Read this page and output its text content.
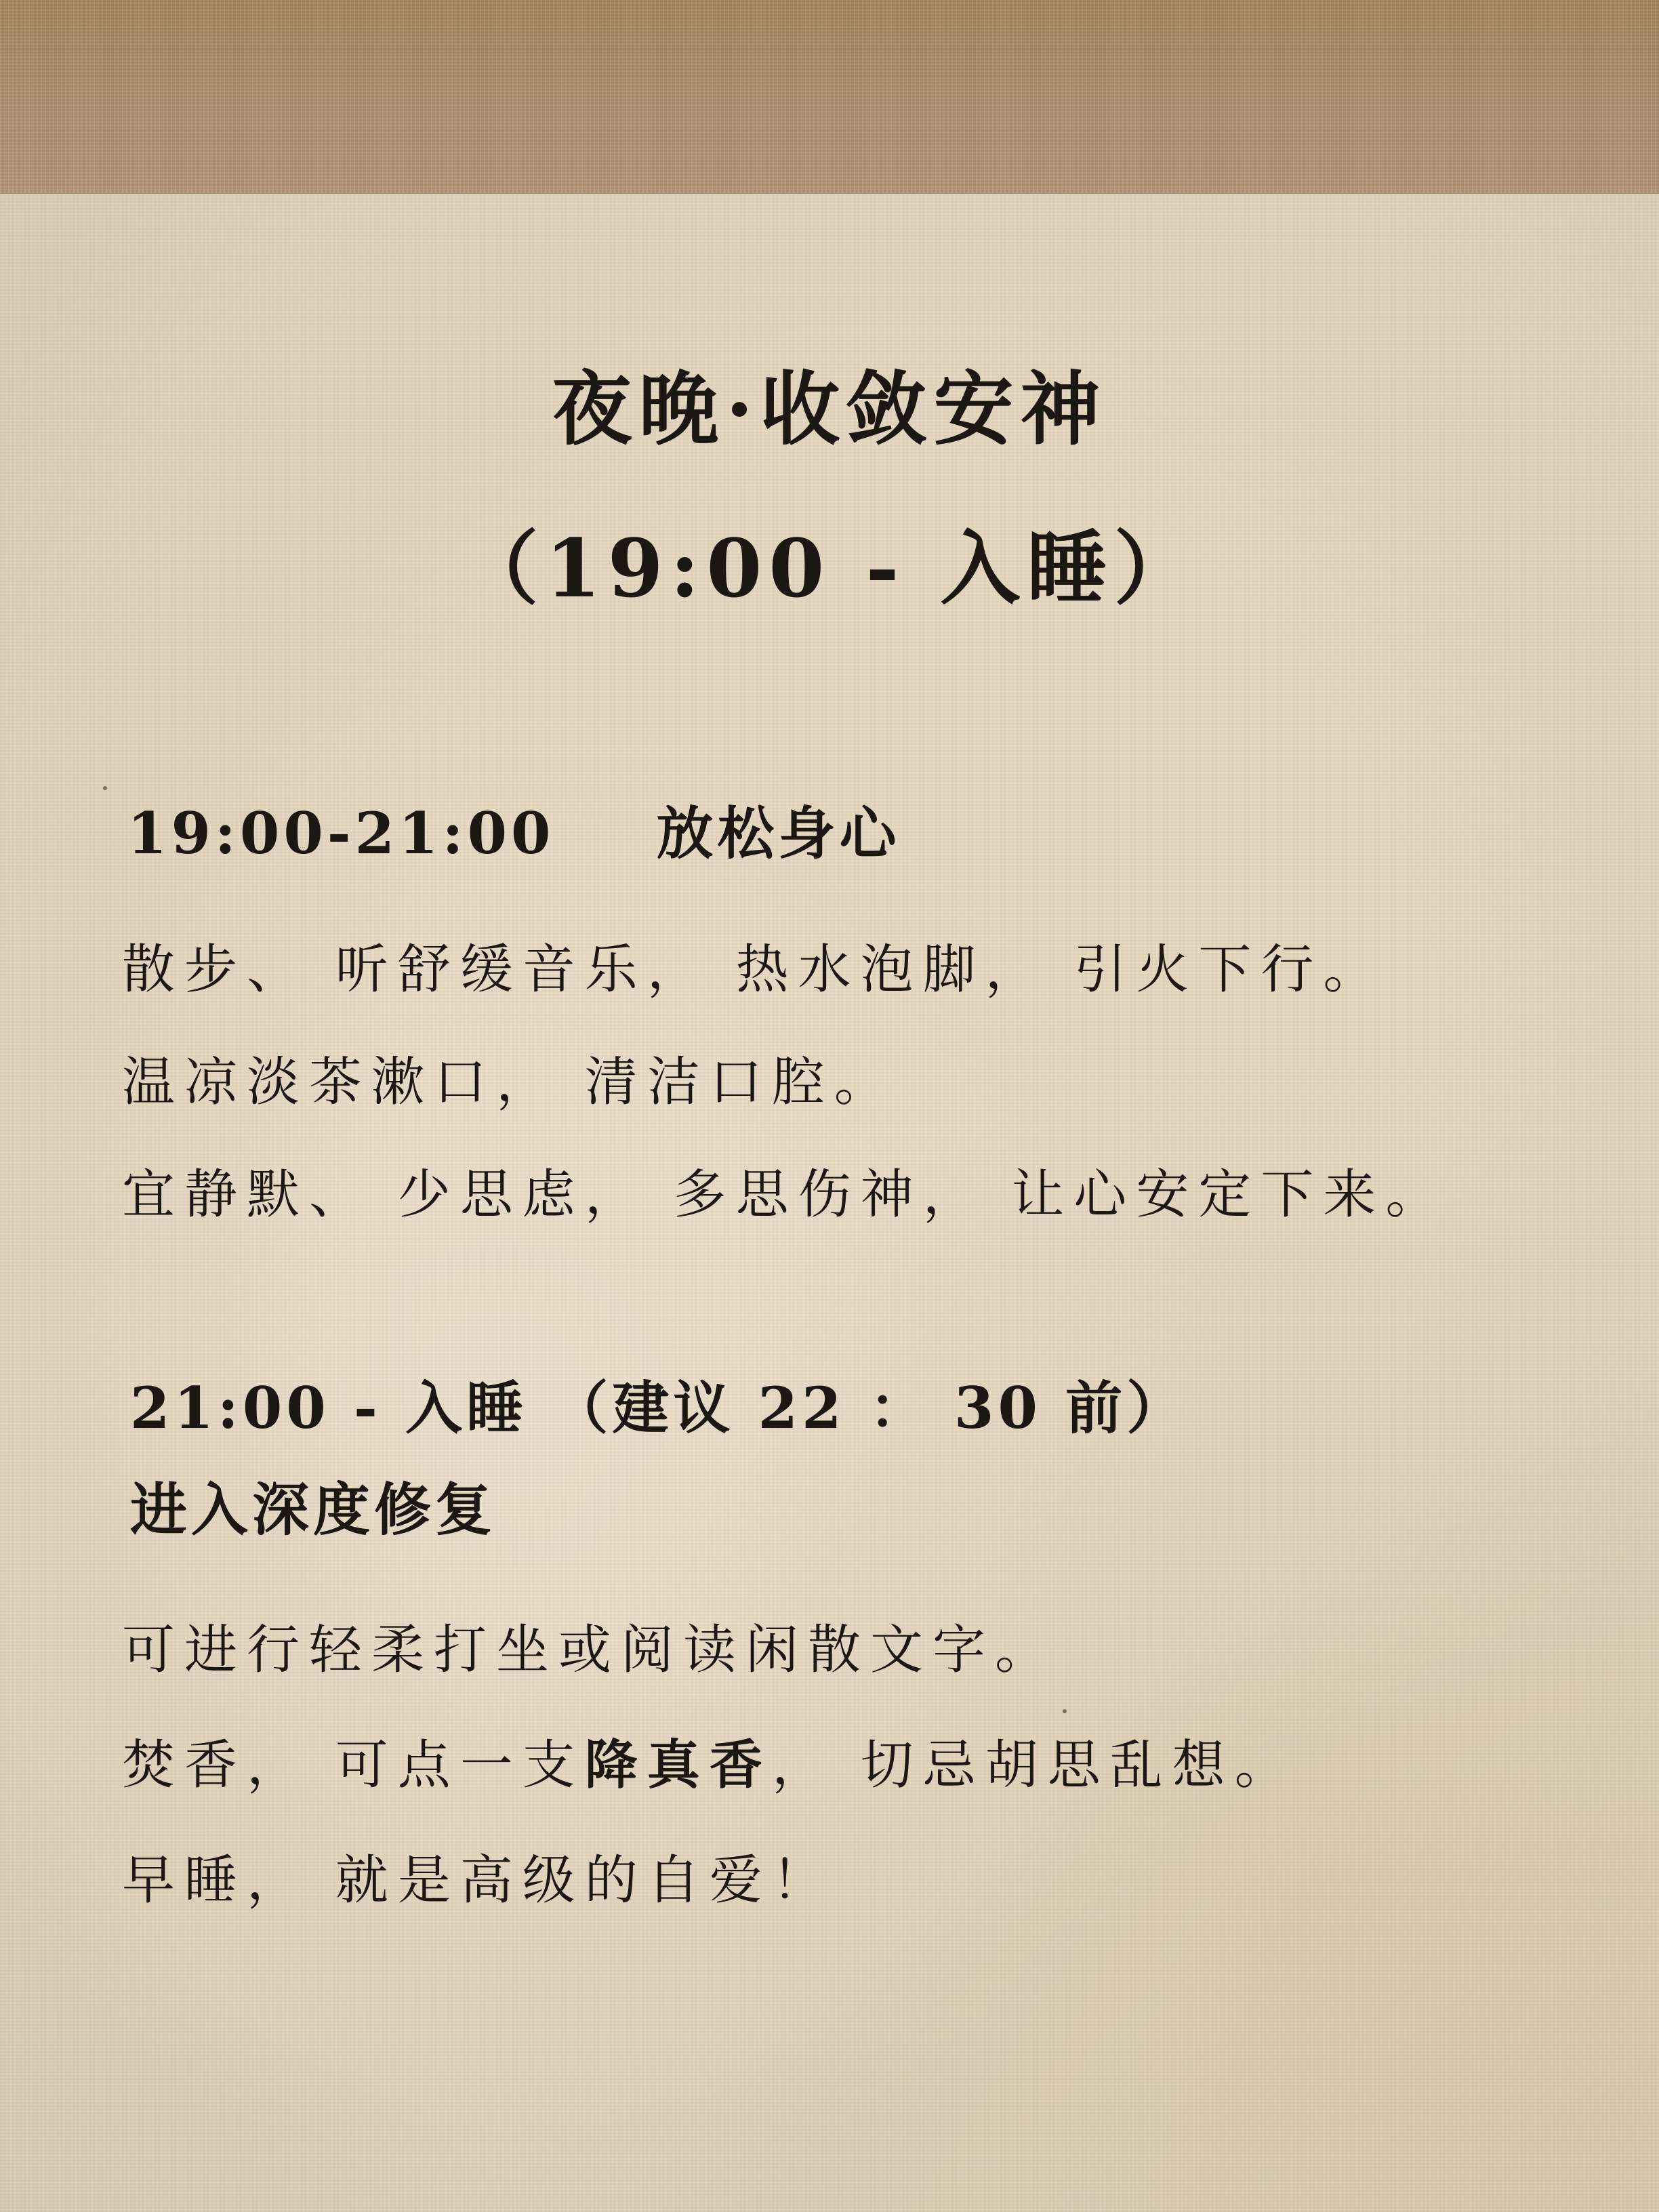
夜晚·收敛安神
（19:00 - 入睡）
19:00-21:00 放松身心
散步、 听舒缓音乐， 热水泡脚， 引火下行。
温凉淡茶漱口， 清洁口腔。
宜静默、 少思虑， 多思伤神， 让心安定下来。
21:00 - 入睡 （建议 22 ： 30 前）
进入深度修复
可进行轻柔打坐或阅读闲散文字。
焚香， 可点一支降真香， 切忌胡思乱想。
早睡， 就是高级的自爱！
